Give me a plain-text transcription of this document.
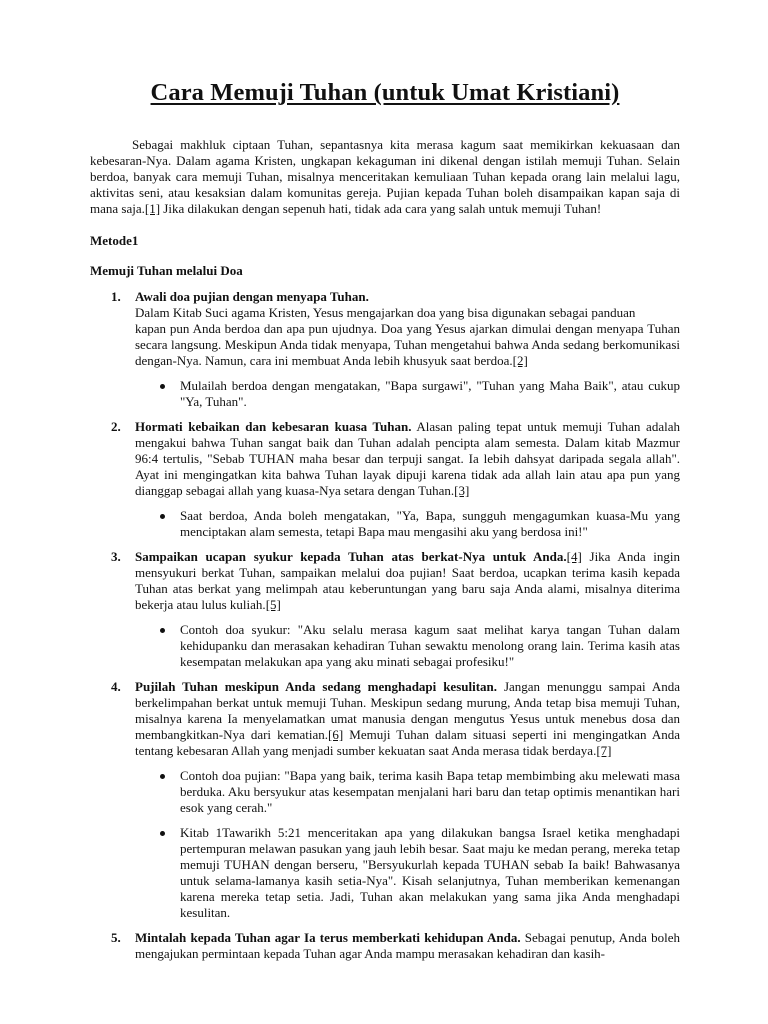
Cara Memuji Tuhan (untuk Umat Kristiani)

Sebagai makhluk ciptaan Tuhan, sepantasnya kita merasa kagum saat memikirkan kekuasaan dan kebesaran-Nya. Dalam agama Kristen, ungkapan kekaguman ini dikenal dengan istilah memuji Tuhan. Selain berdoa, banyak cara memuji Tuhan, misalnya menceritakan kemuliaan Tuhan kepada orang lain melalui lagu, aktivitas seni, atau kesaksian dalam komunitas gereja. Pujian kepada Tuhan boleh disampaikan kapan saja di mana saja.[1] Jika dilakukan dengan sepenuh hati, tidak ada cara yang salah untuk memuji Tuhan!

Metode1
Memuji Tuhan melalui Doa
1. Awali doa pujian dengan menyapa Tuhan.
Dalam Kitab Suci agama Kristen, Yesus mengajarkan doa yang bisa digunakan sebagai panduan
kapan pun Anda berdoa dan apa pun ujudnya. Doa yang Yesus ajarkan dimulai dengan menyapa Tuhan secara langsung. Meskipun Anda tidak menyapa, Tuhan mengetahui bahwa Anda sedang berkomunikasi dengan-Nya. Namun, cara ini membuat Anda lebih khusyuk saat berdoa.[2]
Mulailah berdoa dengan mengatakan, "Bapa surgawi", "Tuhan yang Maha Baik", atau cukup "Ya, Tuhan".
2. Hormati kebaikan dan kebesaran kuasa Tuhan. Alasan paling tepat untuk memuji Tuhan adalah mengakui bahwa Tuhan sangat baik dan Tuhan adalah pencipta alam semesta. Dalam kitab Mazmur 96:4 tertulis, "Sebab TUHAN maha besar dan terpuji sangat. Ia lebih dahsyat daripada segala allah". Ayat ini mengingatkan kita bahwa Tuhan layak dipuji karena tidak ada allah lain atau apa pun yang dianggap sebagai allah yang kuasa-Nya setara dengan Tuhan.[3]
Saat berdoa, Anda boleh mengatakan, "Ya, Bapa, sungguh mengagumkan kuasa-Mu yang menciptakan alam semesta, tetapi Bapa mau mengasihi aku yang berdosa ini!"
3. Sampaikan ucapan syukur kepada Tuhan atas berkat-Nya untuk Anda.[4] Jika Anda ingin mensyukuri berkat Tuhan, sampaikan melalui doa pujian! Saat berdoa, ucapkan terima kasih kepada Tuhan atas berkat yang melimpah atau keberuntungan yang baru saja Anda alami, misalnya diterima bekerja atau lulus kuliah.[5]
Contoh doa syukur: "Aku selalu merasa kagum saat melihat karya tangan Tuhan dalam kehidupanku dan merasakan kehadiran Tuhan sewaktu menolong orang lain. Terima kasih atas kesempatan melakukan apa yang aku minati sebagai profesiku!"
4. Pujilah Tuhan meskipun Anda sedang menghadapi kesulitan. Jangan menunggu sampai Anda berkelimpahan berkat untuk memuji Tuhan. Meskipun sedang murung, Anda tetap bisa memuji Tuhan, misalnya karena Ia menyelamatkan umat manusia dengan mengutus Yesus untuk menebus dosa dan membangkitkan-Nya dari kematian.[6] Memuji Tuhan dalam situasi seperti ini mengingatkan Anda tentang kebesaran Allah yang menjadi sumber kekuatan saat Anda merasa tidak berdaya.[7]
Contoh doa pujian: "Bapa yang baik, terima kasih Bapa tetap membimbing aku melewati masa berduka. Aku bersyukur atas kesempatan menjalani hari baru dan tetap optimis menantikan hari esok yang cerah."
Kitab 1Tawarikh 5:21 menceritakan apa yang dilakukan bangsa Israel ketika menghadapi pertempuran melawan pasukan yang jauh lebih besar. Saat maju ke medan perang, mereka tetap memuji TUHAN dengan berseru, "Bersyukurlah kepada TUHAN sebab Ia baik! Bahwasanya untuk selama-lamanya kasih setia-Nya". Kisah selanjutnya, Tuhan memberikan kemenangan karena mereka tetap setia. Jadi, Tuhan akan melakukan yang sama jika Anda menghadapi kesulitan.
5. Mintalah kepada Tuhan agar Ia terus memberkati kehidupan Anda. Sebagai penutup, Anda boleh mengajukan permintaan kepada Tuhan agar Anda mampu merasakan kehadiran dan kasih-
